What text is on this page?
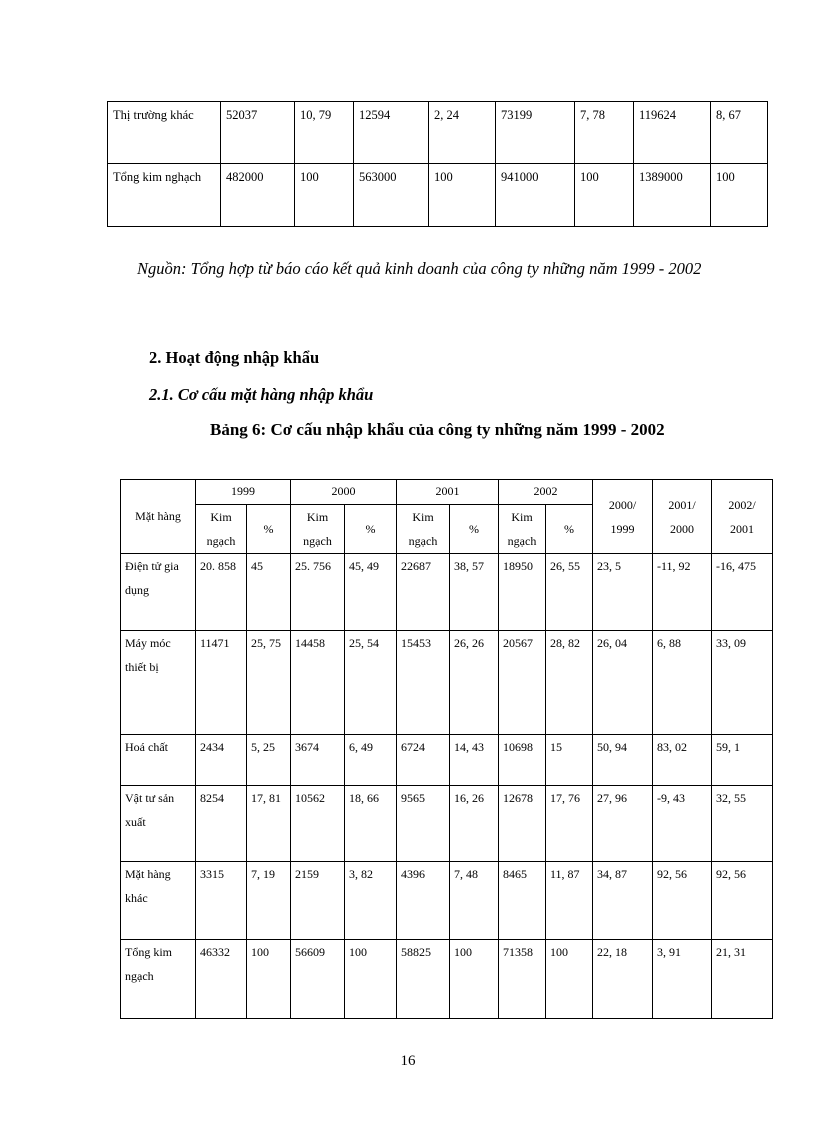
Thị trường khác	52037	10, 79	12594	2, 24	73199	7, 78	119624	8, 67
Tổng kim nghạch	482000	100	563000	100	941000	100	1389000	100
Nguồn: Tổng hợp từ báo cáo kết quả kinh doanh của công ty những năm 1999 - 2002
2. Hoạt động nhập khẩu
2.1. Cơ cấu mặt hàng nhập khẩu
Bảng 6: Cơ cấu nhập khẩu của công ty những năm 1999 - 2002
Mặt hàng	1999		2000		2001		2002		2000/ 1999	2001/ 2000	2002/ 2001
	Kim ngạch	%	Kim ngạch	%	Kim ngạch	%	Kim ngạch	%			
Điện tử gia dụng	20. 858	45	25. 756	45, 49	22687	38, 57	18950	26, 55	23, 5	-11, 92	-16, 475
Máy móc thiết bị	11471	25, 75	14458	25, 54	15453	26, 26	20567	28, 82	26, 04	6, 88	33, 09
Hoá chất	2434	5, 25	3674	6, 49	6724	14, 43	10698	15	50, 94	83, 02	59, 1
Vật tư sản xuất	8254	17, 81	10562	18, 66	9565	16, 26	12678	17, 76	27, 96	-9, 43	32, 55
Mặt hàng khác	3315	7, 19	2159	3, 82	4396	7, 48	8465	11, 87	34, 87	92, 56	92, 56
Tổng kim ngạch	46332	100	56609	100	58825	100	71358	100	22, 18	3, 91	21, 31
16
